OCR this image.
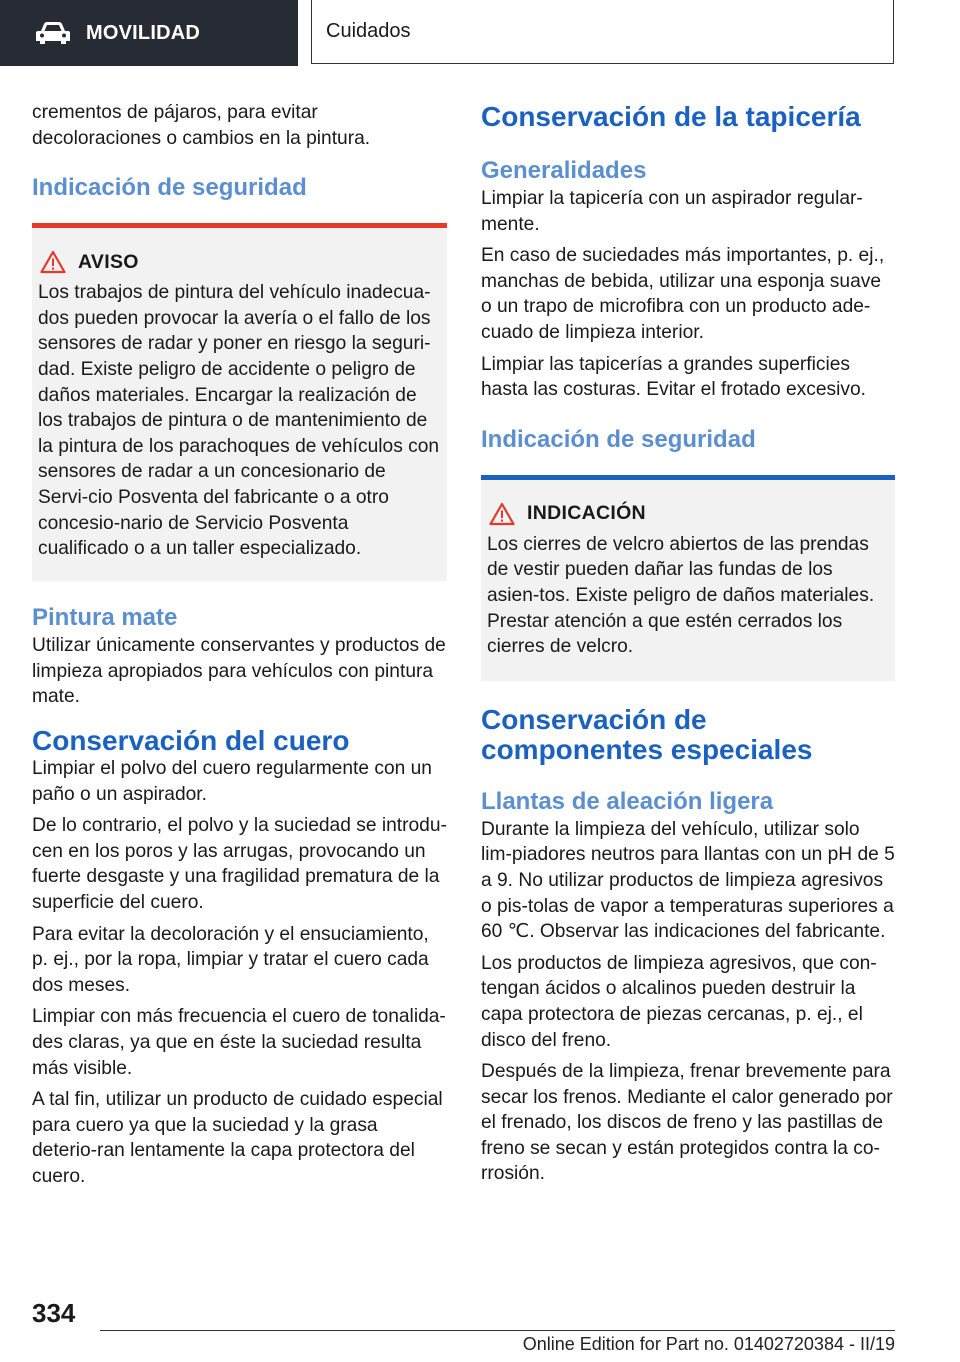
MOVILIDAD	Cuidados

crementos de pájaros, para evitar decoloraciones o cambios en la pintura.

Indicación de seguridad
AVISO

Los trabajos de pintura del vehículo inadecua-dos pueden provocar la avería o el fallo de los sensores de radar y poner en riesgo la seguri-dad. Existe peligro de accidente o peligro de daños materiales. Encargar la realización de los trabajos de pintura o de mantenimiento de la pintura de los parachoques de vehículos con sensores de radar a un concesionario de Servi-cio Posventa del fabricante o a otro concesio-nario de Servicio Posventa cualificado o a un taller especializado.

Pintura mate

Utilizar únicamente conservantes y productos de limpieza apropiados para vehículos con pintura mate.

Conservación del cuero

Limpiar el polvo del cuero regularmente con un paño o un aspirador.

De lo contrario, el polvo y la suciedad se introdu-cen en los poros y las arrugas, provocando un fuerte desgaste y una fragilidad prematura de la superficie del cuero.

Para evitar la decoloración y el ensuciamiento, p. ej., por la ropa, limpiar y tratar el cuero cada dos meses.

Limpiar con más frecuencia el cuero de tonalida-des claras, ya que en éste la suciedad resulta más visible.

A tal fin, utilizar un producto de cuidado especial para cuero ya que la suciedad y la grasa deterio-ran lentamente la capa protectora del cuero.

Conservación de la tapicería
Generalidades

Limpiar la tapicería con un aspirador regular-mente.

En caso de suciedades más importantes, p. ej., manchas de bebida, utilizar una esponja suave o un trapo de microfibra con un producto ade-cuado de limpieza interior.

Limpiar las tapicerías a grandes superficies hasta las costuras. Evitar el frotado excesivo.

Indicación de seguridad
INDICACIÓN

Los cierres de velcro abiertos de las prendas de vestir pueden dañar las fundas de los asien-tos. Existe peligro de daños materiales. Prestar atención a que estén cerrados los cierres de velcro.

Conservación de componentes especiales
Llantas de aleación ligera

Durante la limpieza del vehículo, utilizar solo lim-piadores neutros para llantas con un pH de 5 a 9. No utilizar productos de limpieza agresivos o pis-tolas de vapor a temperaturas superiores a 60 ℃. Observar las indicaciones del fabricante.

Los productos de limpieza agresivos, que con-tengan ácidos o alcalinos pueden destruir la capa protectora de piezas cercanas, p. ej., el disco del freno.

Después de la limpieza, frenar brevemente para secar los frenos. Mediante el calor generado por el frenado, los discos de freno y las pastillas de freno se secan y están protegidos contra la co-rrosión.

334
Online Edition for Part no. 01402720384 - II/19
